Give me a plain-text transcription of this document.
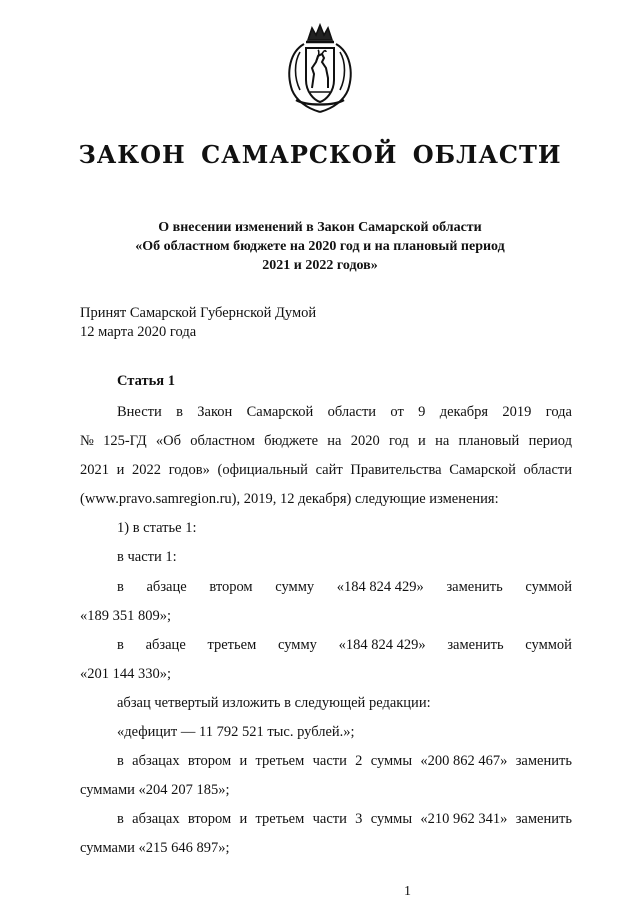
ЗАКОН САМАРСКОЙ ОБЛАСТИ
О внесении изменений в Закон Самарской области
«Об областном бюджете на 2020 год и на плановый период
2021 и 2022 годов»
Принят Самарской Губернской Думой
12 марта 2020 года
Статья 1
Внести в Закон Самарской области от 9 декабря 2019 года
№ 125-ГД «Об областном бюджете на 2020 год и на плановый период
2021 и 2022 годов» (официальный сайт Правительства Самарской области
(www.pravo.samregion.ru), 2019, 12 декабря) следующие изменения:
1) в статье 1:
в части 1:
в абзаце втором сумму «184 824 429» заменить суммой
«189 351 809»;
в абзаце третьем сумму «184 824 429» заменить суммой
«201 144 330»;
абзац четвертый изложить в следующей редакции:
«дефицит — 11 792 521 тыс. рублей.»;
в абзацах втором и третьем части 2 суммы «200 862 467» заменить
суммами «204 207 185»;
в абзацах втором и третьем части 3 суммы «210 962 341» заменить
суммами «215 646 897»;
1
